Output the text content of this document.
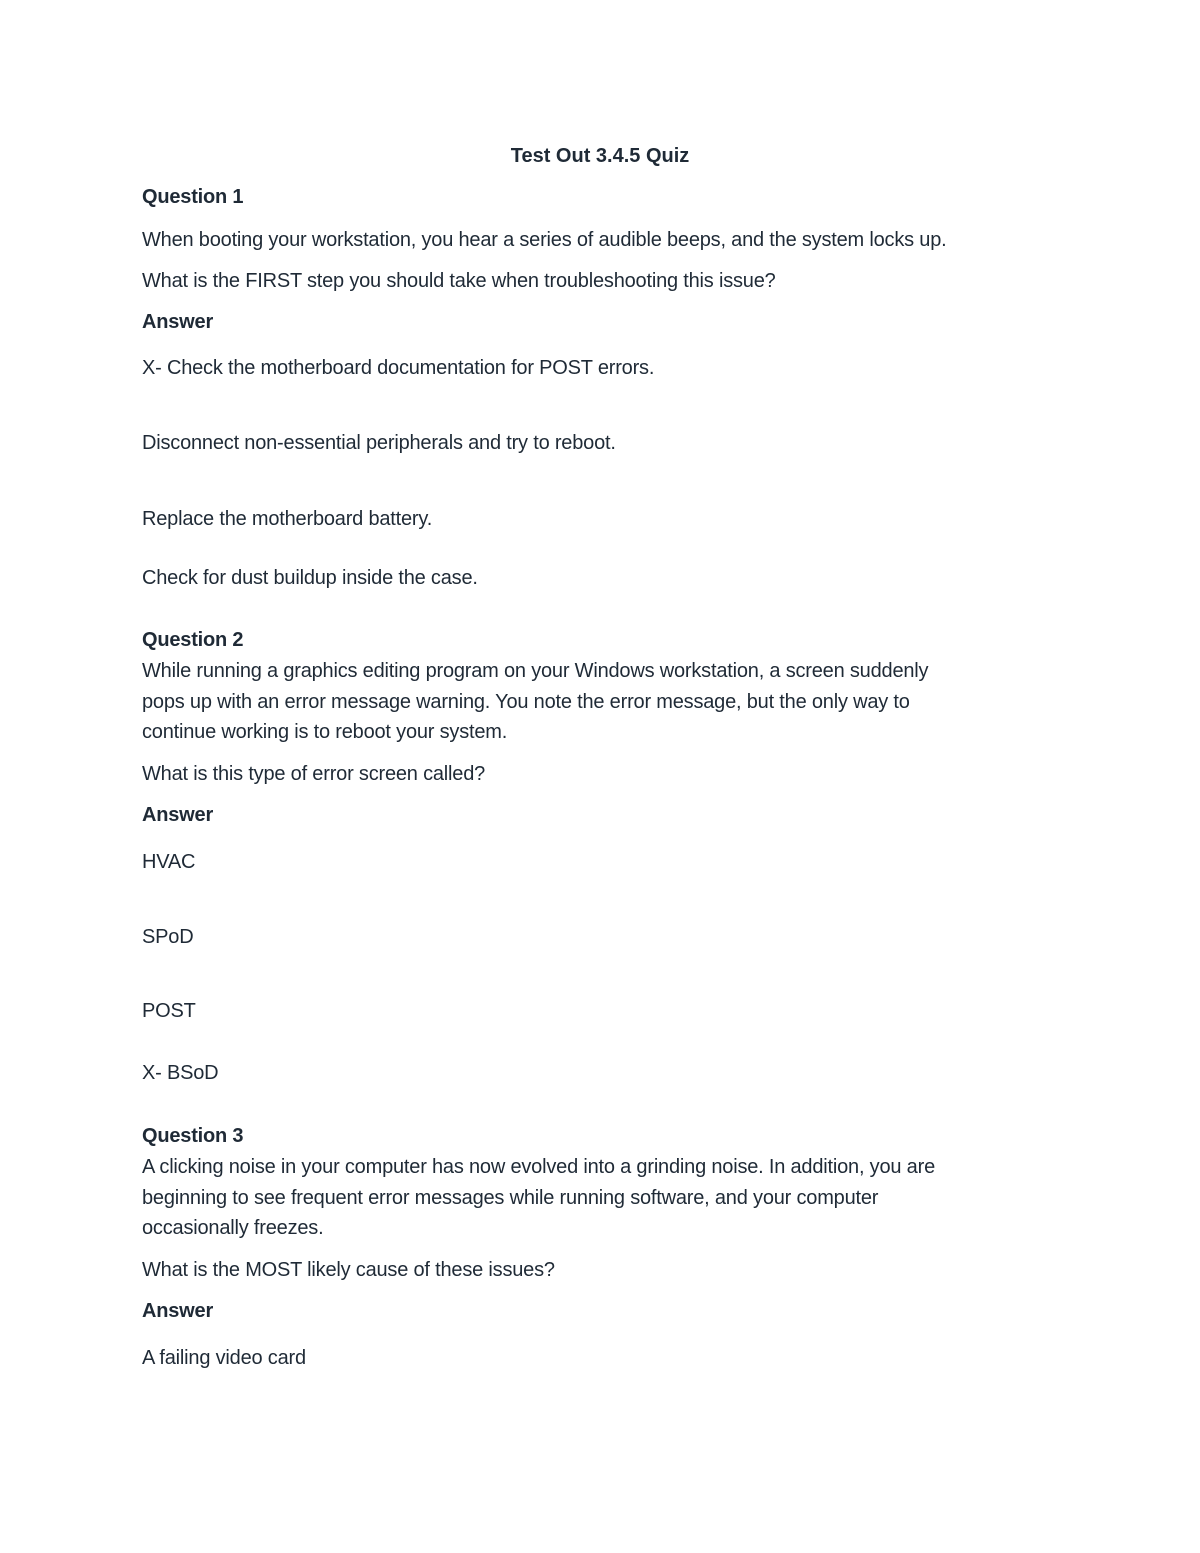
Test Out 3.4.5 Quiz
Question 1
When booting your workstation, you hear a series of audible beeps, and the system locks up.
What is the FIRST step you should take when troubleshooting this issue?
Answer
X- Check the motherboard documentation for POST errors.
Disconnect non-essential peripherals and try to reboot.
Replace the motherboard battery.
Check for dust buildup inside the case.
Question 2
While running a graphics editing program on your Windows workstation, a screen suddenly
pops up with an error message warning. You note the error message, but the only way to
continue working is to reboot your system.
What is this type of error screen called?
Answer
HVAC
SPoD
POST
X- BSoD
Question 3
A clicking noise in your computer has now evolved into a grinding noise. In addition, you are
beginning to see frequent error messages while running software, and your computer
occasionally freezes.
What is the MOST likely cause of these issues?
Answer
A failing video card
